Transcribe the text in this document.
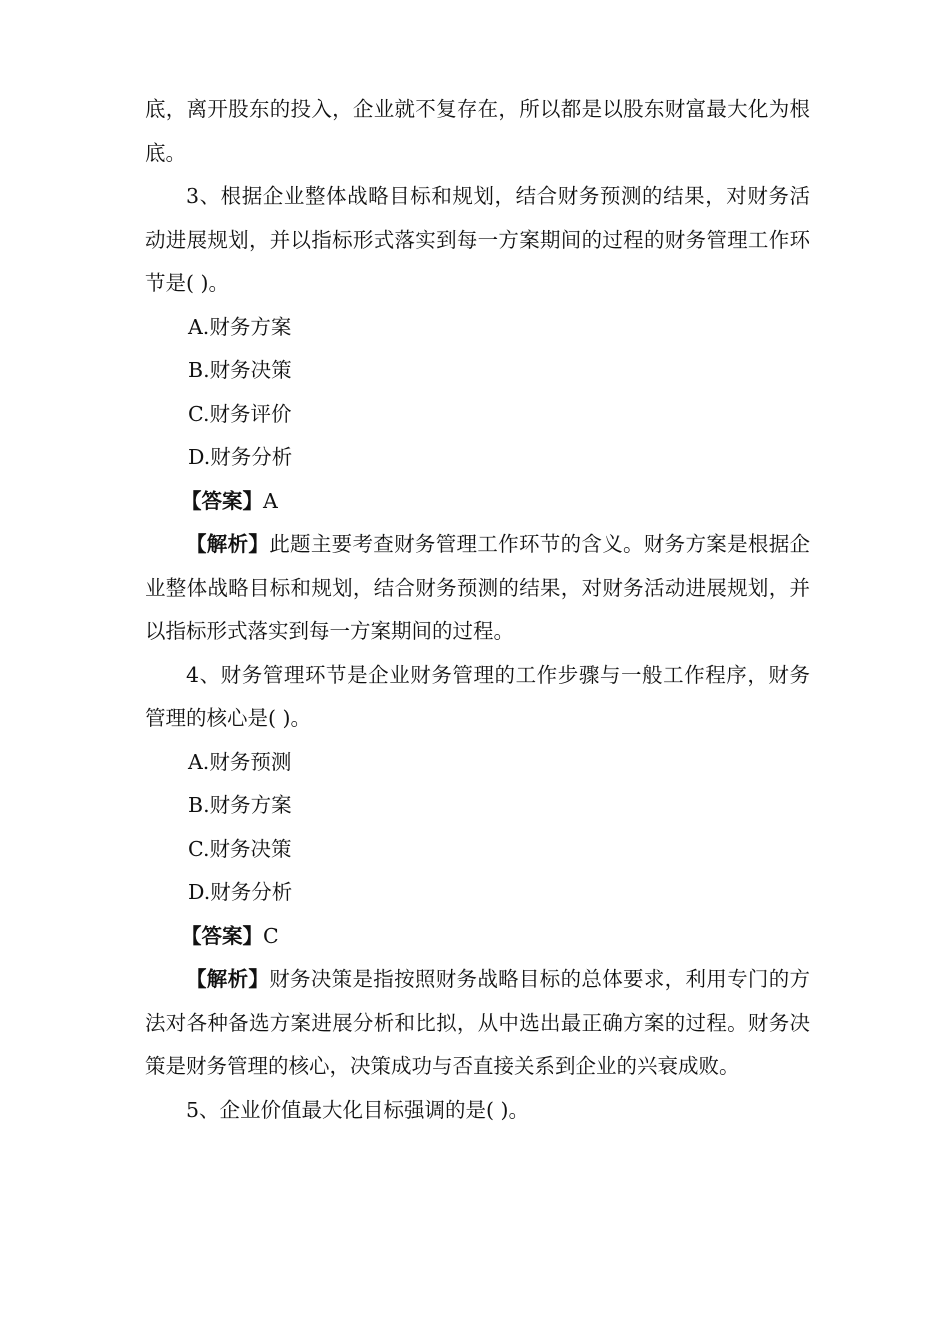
底，离开股东的投入，企业就不复存在，所以都是以股东财富最大化为根底。

3、根据企业整体战略目标和规划，结合财务预测的结果，对财务活动进展规划，并以指标形式落实到每一方案期间的过程的财务管理工作环节是( )。

A.财务方案

B.财务决策

C.财务评价

D.财务分析

【答案】A

【解析】此题主要考查财务管理工作环节的含义。财务方案是根据企业整体战略目标和规划，结合财务预测的结果，对财务活动进展规划，并以指标形式落实到每一方案期间的过程。

4、财务管理环节是企业财务管理的工作步骤与一般工作程序，财务管理的核心是( )。

A.财务预测

B.财务方案

C.财务决策

D.财务分析

【答案】C

【解析】财务决策是指按照财务战略目标的总体要求，利用专门的方法对各种备选方案进展分析和比拟，从中选出最正确方案的过程。财务决策是财务管理的核心，决策成功与否直接关系到企业的兴衰成败。

5、企业价值最大化目标强调的是( )。
